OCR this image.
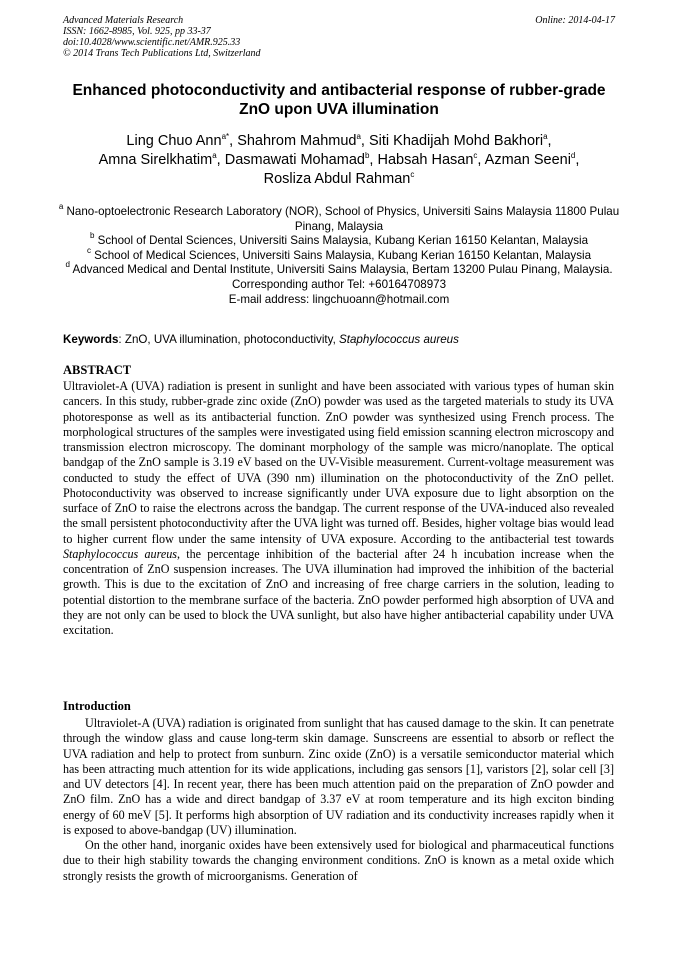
Advanced Materials Research
ISSN: 1662-8985, Vol. 925, pp 33-37
doi:10.4028/www.scientific.net/AMR.925.33
© 2014 Trans Tech Publications Ltd, Switzerland
Online: 2014-04-17
Enhanced photoconductivity and antibacterial response of rubber-grade ZnO upon UVA illumination
Ling Chuo Ann$^{a*}$, Shahrom Mahmud$^a$, Siti Khadijah Mohd Bakhori$^a$,
Amna Sirelkhatim$^a$, Dasmawati Mohamad$^b$, Habsah Hasan$^c$, Azman Seeni$^d$,
Rosliza Abdul Rahman$^c$
$^a$ Nano-optoelectronic Research Laboratory (NOR), School of Physics, Universiti Sains Malaysia 11800 Pulau Pinang, Malaysia
$^b$ School of Dental Sciences, Universiti Sains Malaysia, Kubang Kerian 16150 Kelantan, Malaysia
$^c$ School of Medical Sciences, Universiti Sains Malaysia, Kubang Kerian 16150 Kelantan, Malaysia
$^d$ Advanced Medical and Dental Institute, Universiti Sains Malaysia, Bertam 13200 Pulau Pinang, Malaysia.
Corresponding author Tel: +60164708973
E-mail address: lingchuoann@hotmail.com
Keywords: ZnO, UVA illumination, photoconductivity, Staphylococcus aureus
ABSTRACT
Ultraviolet-A (UVA) radiation is present in sunlight and have been associated with various types of human skin cancers. In this study, rubber-grade zinc oxide (ZnO) powder was used as the targeted materials to study its UVA photoresponse as well as its antibacterial function. ZnO powder was synthesized using French process. The morphological structures of the samples were investigated using field emission scanning electron microscopy and transmission electron microscopy. The dominant morphology of the sample was micro/nanoplate. The optical bandgap of the ZnO sample is 3.19 eV based on the UV-Visible measurement. Current-voltage measurement was conducted to study the effect of UVA (390 nm) illumination on the photoconductivity of the ZnO pellet. Photoconductivity was observed to increase significantly under UVA exposure due to light absorption on the surface of ZnO to raise the electrons across the bandgap. The current response of the UVA-induced also revealed the small persistent photoconductivity after the UVA light was turned off. Besides, higher voltage bias would lead to higher current flow under the same intensity of UVA exposure. According to the antibacterial test towards Staphylococcus aureus, the percentage inhibition of the bacterial after 24 h incubation increase when the concentration of ZnO suspension increases. The UVA illumination had improved the inhibition of the bacterial growth. This is due to the excitation of ZnO and increasing of free charge carriers in the solution, leading to potential distortion to the membrane surface of the bacteria. ZnO powder performed high absorption of UVA and they are not only can be used to block the UVA sunlight, but also have higher antibacterial capability under UVA excitation.
Introduction

Ultraviolet-A (UVA) radiation is originated from sunlight that has caused damage to the skin. It can penetrate through the window glass and cause long-term skin damage. Sunscreens are essential to absorb or reflect the UVA radiation and help to protect from sunburn. Zinc oxide (ZnO) is a versatile semiconductor material which has been attracting much attention for its wide applications, including gas sensors [1], varistors [2], solar cell [3] and UV detectors [4]. In recent year, there has been much attention paid on the preparation of ZnO powder and ZnO film. ZnO has a wide and direct bandgap of 3.37 eV at room temperature and its high exciton binding energy of 60 meV [5]. It performs high absorption of UV radiation and its conductivity increases rapidly when it is exposed to above-bandgap (UV) illumination.

On the other hand, inorganic oxides have been extensively used for biological and pharmaceutical functions due to their high stability towards the changing environment conditions. ZnO is known as a metal oxide which strongly resists the growth of microorganisms. Generation of
